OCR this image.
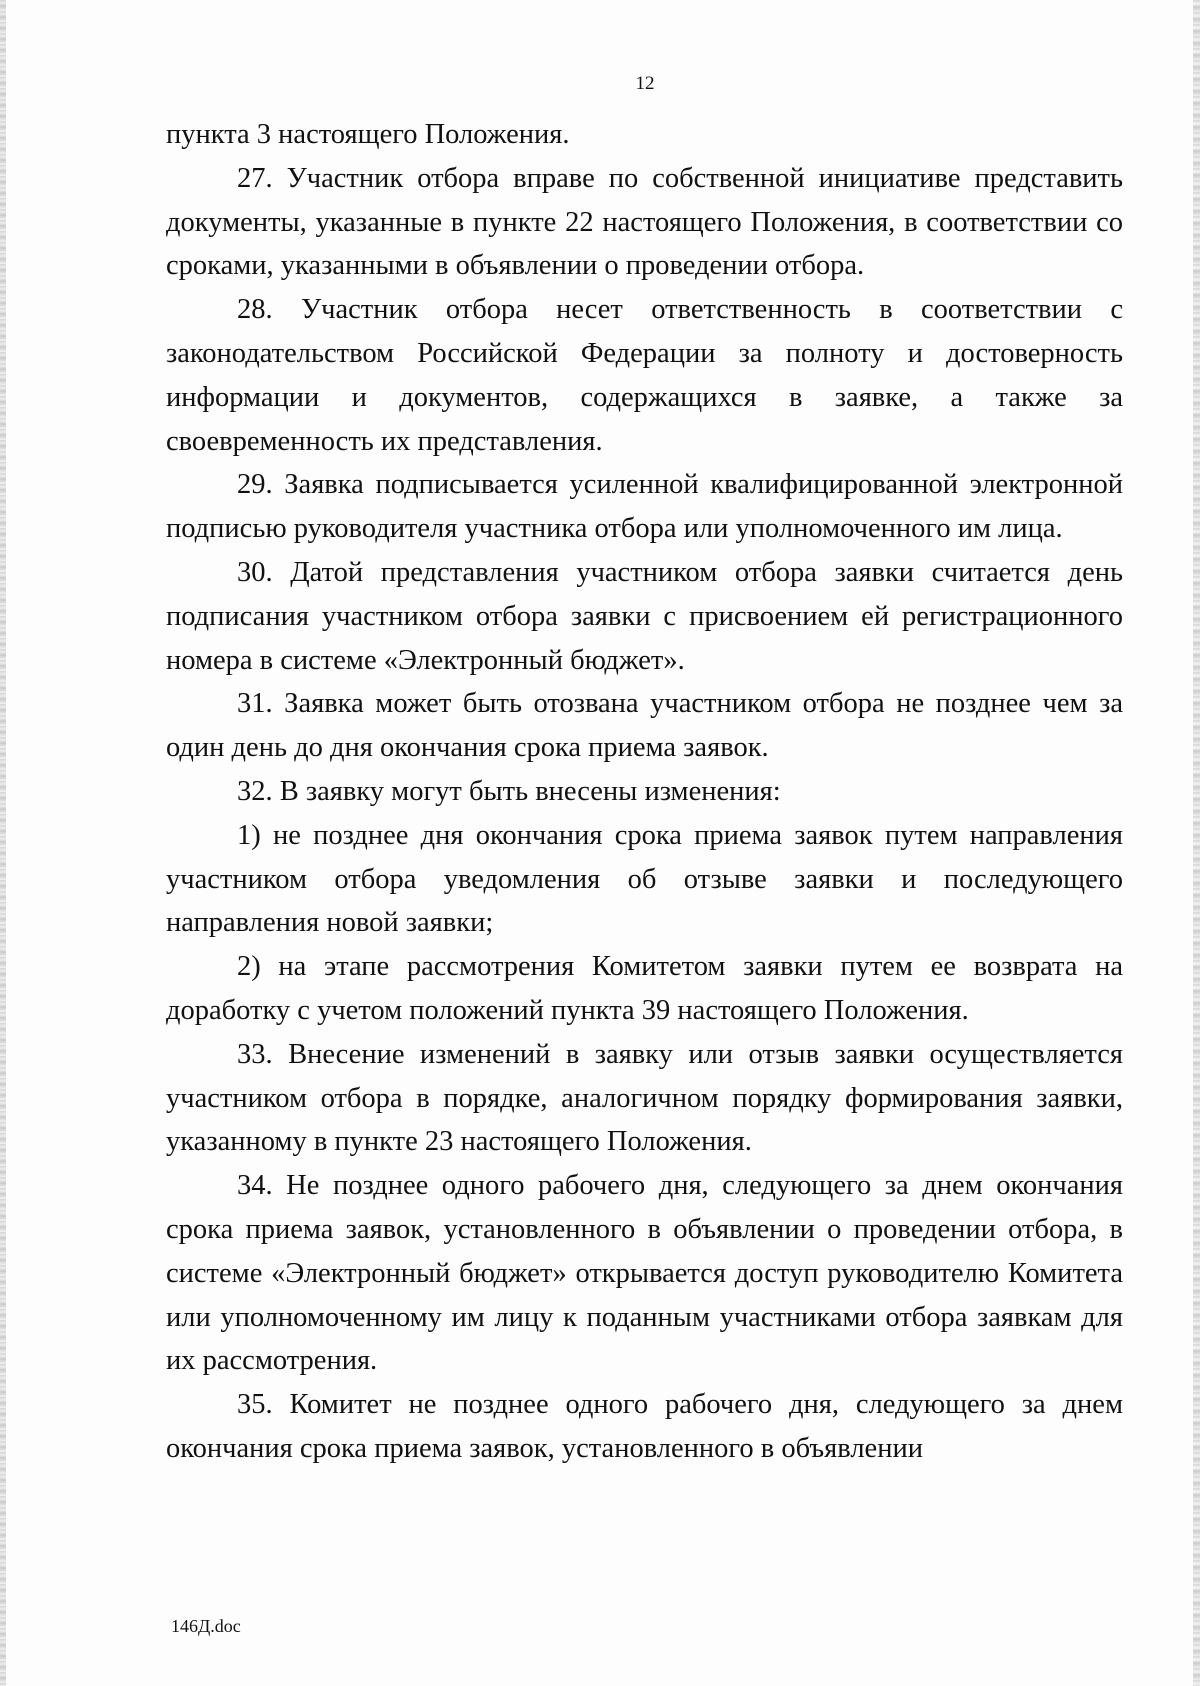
12

пункта 3 настоящего Положения.

27. Участник отбора вправе по собственной инициативе представить документы, указанные в пункте 22 настоящего Положения, в соответствии со сроками, указанными в объявлении о проведении отбора.

28. Участник отбора несет ответственность в соответствии с законодательством Российской Федерации за полноту и достоверность информации и документов, содержащихся в заявке, а также за своевременность их представления.

29. Заявка подписывается усиленной квалифицированной электронной подписью руководителя участника отбора или уполномоченного им лица.

30. Датой представления участником отбора заявки считается день подписания участником отбора заявки с присвоением ей регистрационного номера в системе «Электронный бюджет».

31. Заявка может быть отозвана участником отбора не позднее чем за один день до дня окончания срока приема заявок.

32. В заявку могут быть внесены изменения:

1) не позднее дня окончания срока приема заявок путем направления участником отбора уведомления об отзыве заявки и последующего направления новой заявки;

2) на этапе рассмотрения Комитетом заявки путем ее возврата на доработку с учетом положений пункта 39 настоящего Положения.

33. Внесение изменений в заявку или отзыв заявки осуществляется участником отбора в порядке, аналогичном порядку формирования заявки, указанному в пункте 23 настоящего Положения.

34. Не позднее одного рабочего дня, следующего за днем окончания срока приема заявок, установленного в объявлении о проведении отбора, в системе «Электронный бюджет» открывается доступ руководителю Комитета или уполномоченному им лицу к поданным участниками отбора заявкам для их рассмотрения.

35. Комитет не позднее одного рабочего дня, следующего за днем окончания срока приема заявок, установленного в объявлении

146Д.doc
